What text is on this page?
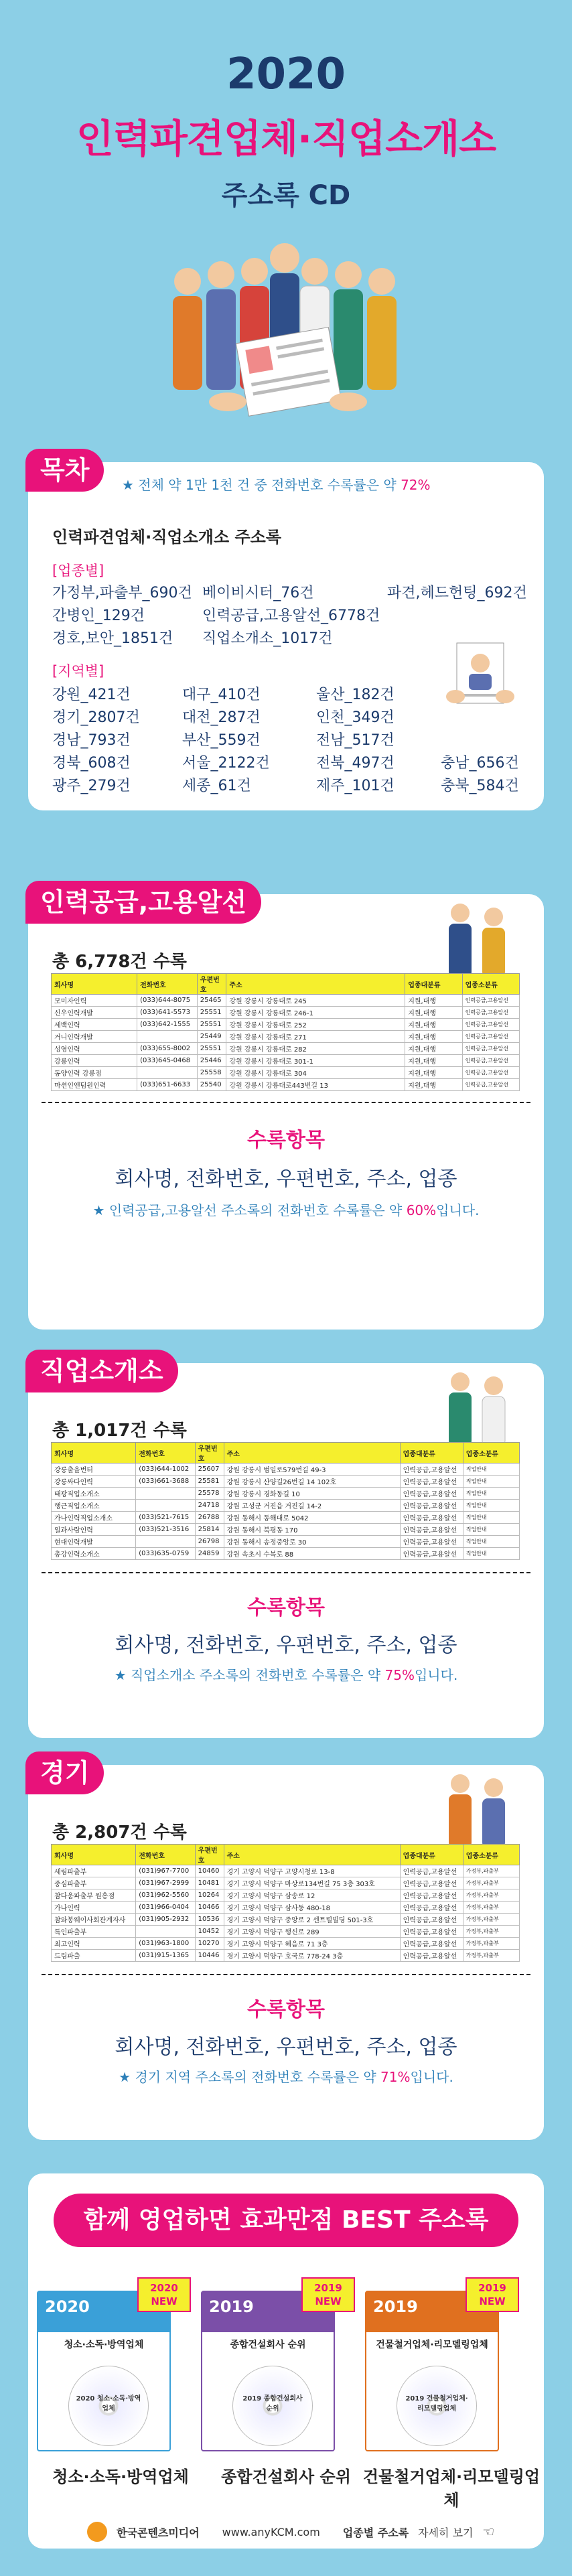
2020
인력파견업체·직업소개소
주소록 CD
목차	★ 전체 약 1만 1천 건 중 전화번호 수록률은 약 72%
인력파견업체·직업소개소 주소록
[업종별]
가정부,파출부_690건 베이비시터_76건	파견,헤드헌팅_692건
간병인_129건	인력공급,고용알선_6778건
경호,보안_1851건 직업소개소_1017건
[지역별]
강원_421건	대구_410건	울산_182건
경기_2807건	대전_287건	인천_349건
경남_793건	부산_559건	전남_517건
경북_608건	서울_2122건	전북_497건	충남_656건
광주_279건	세종_61건	제주_101건	충북_584건
인력공급,고용알선
총 6,778건 수록
회사명	전화번호	우편번호	주소	업종대분류	업종소분류
모미자인력	(033)644-8075	25465	강원 강릉시 강릉대로 245	지원,대행	인력공급,고용알선
신우인력개발	(033)641-5573	25551	강원 강릉시 강릉대로 246-1	지원,대행	인력공급,고용알선
세백인력	(033)642-1555	25551	강원 강릉시 강릉대로 252	지원,대행	인력공급,고용알선
거니인력개발		25449	강원 강릉시 강릉대로 271	지원,대행	인력공급,고용알선
성영인력	(033)655-8002	25551	강원 강릉시 강릉대로 282	지원,대행	인력공급,고용알선
강릉인력	(033)645-0468	25446	강원 강릉시 강릉대로 301-1	지원,대행	인력공급,고용알선
동양인력 강릉점		25558	강원 강릉시 강릉대로 304	지원,대행	인력공급,고용알선
마션인앤텀원인력	(033)651-6633	25540	강원 강릉시 강릉대로443번길 13	지원,대행	인력공급,고용알선
수록항목
회사명, 전화번호, 우편번호, 주소, 업종
★ 인력공급,고용알선 주소록의 전화번호 수록률은 약 60%입니다.
직업소개소
총 1,017건 수록
회사명	전화번호	우편번호	주소	업종대분류	업종소분류
강릉출을번터	(033)644-1002	25607	강원 강릉시 범일로579번길 49-3	인력공급,고용알선	직업안내
강릉싸다인력	(033)661-3688	25581	강원 강릉시 산양길26번길 14 102호	인력공급,고용알선	직업안내
태광직업소개소		25578	강원 강릉시 경화동길 10	인력공급,고용알선	직업안내
행근직업소개소		24718	강원 고성군 거진읍 거진길 14-2	인력공급,고용알선	직업안내
가나인력직업소개소	(033)521-7615	26788	강원 동해시 동해대로 5042	인력공급,고용알선	직업안내
일과사람인력	(033)521-3516	25814	강원 동해시 북평동 170	인력공급,고용알선	직업안내
현대인력개발		26798	강원 동해시 송정중앙로 30	인력공급,고용알선	직업안내
총강인력소개소	(033)635-0759	24859	강원 속초시 수복로 88	인력공급,고용알선	직업안내
수록항목
회사명, 전화번호, 우편번호, 주소, 업종
★ 직업소개소 주소록의 전화번호 수록률은 약 75%입니다.
경기
총 2,807건 수록
회사명	전화번호	우편번호	주소	업종대분류	업종소분류
세림파출부	(031)967-7700	10460	경기 고양시 덕양구 고양시청로 13-8	인력공급,고용알선	가정부,파출부
중심파출부	(031)967-2999	10481	경기 고양시 덕양구 마상로134번길 75 3층 303호	인력공급,고용알선	가정부,파출부
참다움파출부 원흥점	(031)962-5560	10264	경기 고양시 덕양구 삼송로 12	인력공급,고용알선	가정부,파출부
가나인력	(031)966-0404	10466	경기 고양시 덕양구 삼사동 480-18	인력공급,고용알선	가정부,파출부
참와봉웨이사회관계자사	(031)905-2932	10536	경기 고양시 덕양구 중앙로 2 센트럴빌딩 501-3호	인력공급,고용알선	가정부,파출부
특인파출부		10452	경기 고양시 덕양구 행신로 289	인력공급,고용알선	가정부,파출부
최고인력	(031)963-1800	10270	경기 고양시 덕양구 혜음로 71 3층	인력공급,고용알선	가정부,파출부
드림파출	(031)915-1365	10446	경기 고양시 덕양구 호국로 778-24 3층	인력공급,고용알선	가정부,파출부
수록항목
회사명, 전화번호, 우편번호, 주소, 업종
★ 경기 지역 주소록의 전화번호 수록률은 약 71%입니다.
함께 영업하면 효과만점 BEST 주소록
2020
청소·소독·방역업체
2020 청소·소독·방역업체
2020
NEW	2019
종합건설회사 순위
2019 종합건설회사 순위
2019
NEW	2019
건물철거업체·리모델링업체
2019 건물철거업체·리모델링업체
2019
NEW
청소·소독·방역업체	종합건설회사 순위 건물철거업체·리모델링업체
한국콘텐츠미디어 www.anyKCM.com 업종별 주소록 자세히 보기 ☜
